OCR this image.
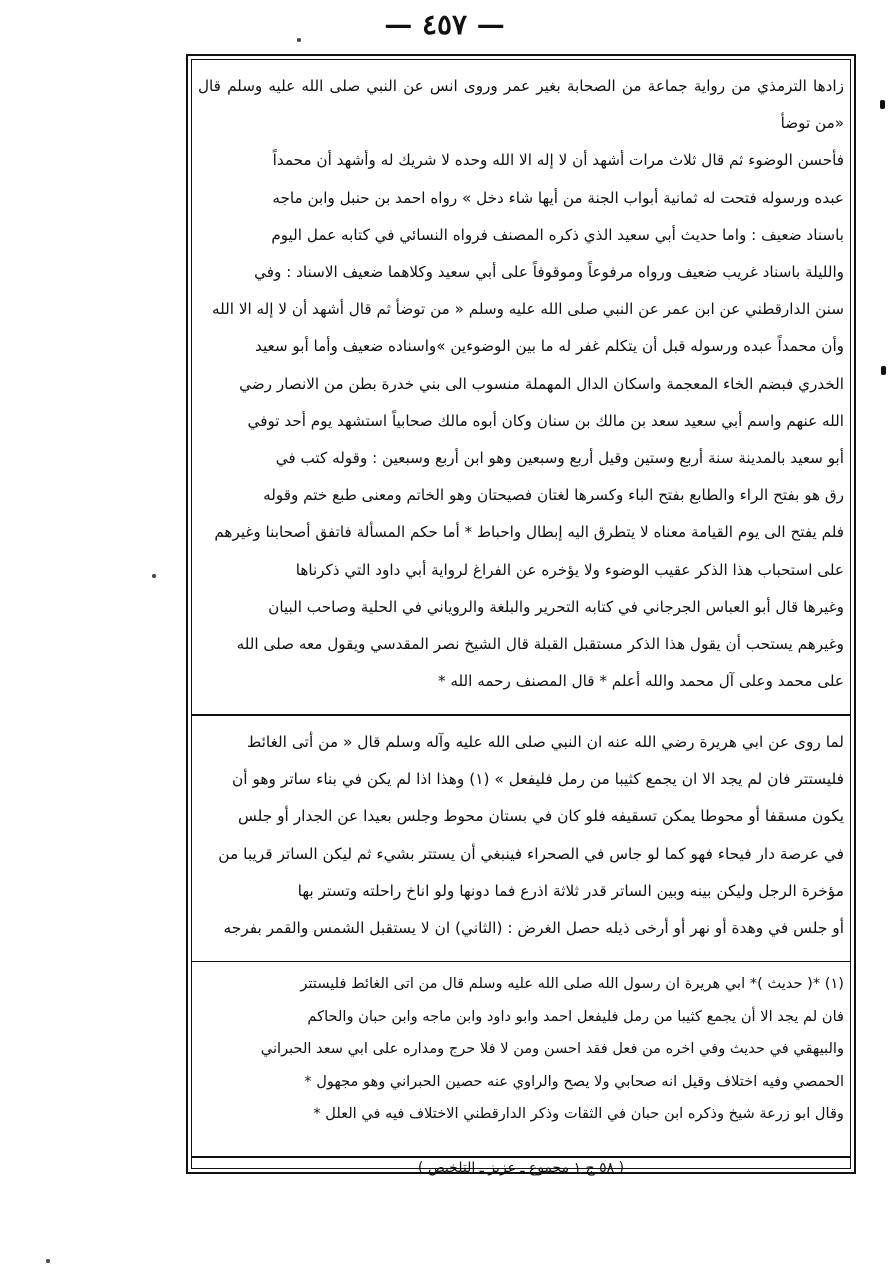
— ٤٥٧ —

زادها الترمذي من رواية جماعة من الصحابة بغير عمر وروى انس عن النبي صلى الله عليه وسلم قال «من توضأ

فأحسن الوضوء ثم قال ثلاث مرات أشهد أن لا إله الا الله وحده لا شريك له وأشهد أن محمداً

عبده ورسوله فتحت له ثمانية أبواب الجنة من أيها شاء دخل » رواه احمد بن حنبل وابن ماجه

باسناد ضعيف : واما حديث أبي سعيد الذي ذكره المصنف فرواه النسائي في كتابه عمل اليوم

والليلة باسناد غريب ضعيف ورواه مرفوعاً وموقوفاً على أبي سعيد وكلاهما ضعيف الاسناد : وفي

سنن الدارقطني عن ابن عمر عن النبي صلى الله عليه وسلم « من توضأ ثم قال أشهد أن لا إله الا الله

وأن محمداً عبده ورسوله قبل أن يتكلم غفر له ما بين الوضوءين »واسناده ضعيف وأما أبو سعيد

الخدري فبضم الخاء المعجمة واسكان الدال المهملة منسوب الى بني خدرة بطن من الانصار رضي

الله عنهم واسم أبي سعيد سعد بن مالك بن سنان وكان أبوه مالك صحابياً استشهد يوم أحد توفي

أبو سعيد بالمدينة سنة أربع وستين وقيل أربع وسبعين وهو ابن أربع وسبعين : وقوله كتب في

رق هو بفتح الراء والطابع بفتح الباء وكسرها لغتان فصيحتان وهو الخاتم ومعنى طبع ختم وقوله

فلم يفتح الى يوم القيامة معناه لا يتطرق اليه إبطال واحباط * أما حكم المسألة فاتفق أصحابنا وغيرهم

على استحباب هذا الذكر عقيب الوضوء ولا يؤخره عن الفراغ لرواية أبي داود التي ذكرناها

وغيرها قال أبو العباس الجرجاني في كتابه التحرير والبلغة والروياني في الحلية وصاحب البيان

وغيرهم يستحب أن يقول هذا الذكر مستقبل القبلة قال الشيخ نصر المقدسي ويقول معه صلى الله

على محمد وعلى آل محمد والله أعلم * قال المصنف رحمه الله *

لما روى عن ابي هريرة رضي الله عنه ان النبي صلى الله عليه وآله وسلم قال « من أتى الغائط

فليستتر فان لم يجد الا ان يجمع كثيبا من رمل فليفعل » (١) وهذا اذا لم يكن في بناء ساتر وهو أن

يكون مسقفا أو محوطا يمكن تسقيفه فلو كان في بستان محوط وجلس بعيدا عن الجدار أو جلس

في عرصة دار فيحاء فهو كما لو جاس في الصحراء فينبغي أن يستتر بشيء ثم ليكن الساتر قريبا من

مؤخرة الرجل وليكن بينه وبين الساتر قدر ثلاثة اذرع فما دونها ولو اناخ راحلته وتستر بها

أو جلس في وهدة أو نهر أو أرخى ذيله حصل الغرض : (الثاني) ان لا يستقبل الشمس والقمر بفرجه

(١) *( حديث )* ابي هريرة ان رسول الله صلى الله عليه وسلم قال من اتى الغائط فليستتر

فان لم يجد الا أن يجمع كثيبا من رمل فليفعل احمد وابو داود وابن ماجه وابن حبان والحاكم

والبيهقي في حديث وفي اخره من فعل فقد احسن ومن لا فلا حرج ومداره على ابي سعد الحبراني

الحمصي وفيه اختلاف وقيل انه صحابي ولا يصح والراوي عنه حصين الحبراني وهو مجهول *

وقال ابو زرعة شيخ وذكره ابن حبان في الثقات وذكر الدارقطني الاختلاف فيه في العلل *

( ٥٨ ج ١ مجموع ـ عزيز ـ التلخيص )
